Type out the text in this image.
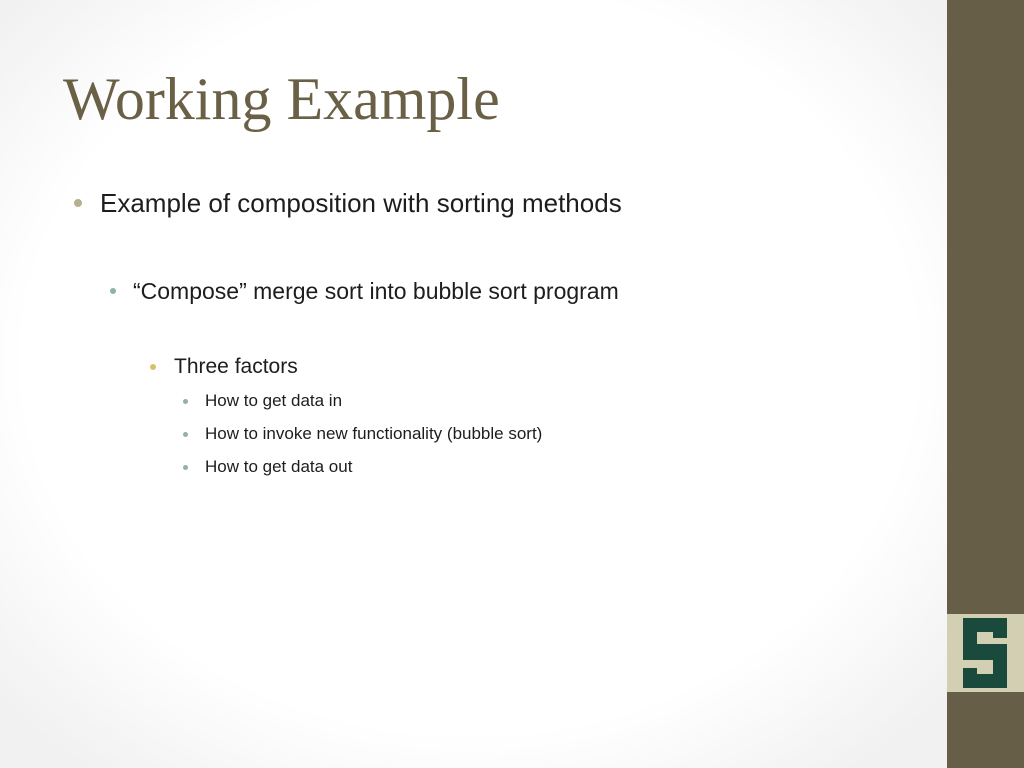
Working Example
Example of composition with sorting methods
“Compose” merge sort into bubble sort program
Three factors
How to get data in
How to invoke new functionality (bubble sort)
How to get data out
